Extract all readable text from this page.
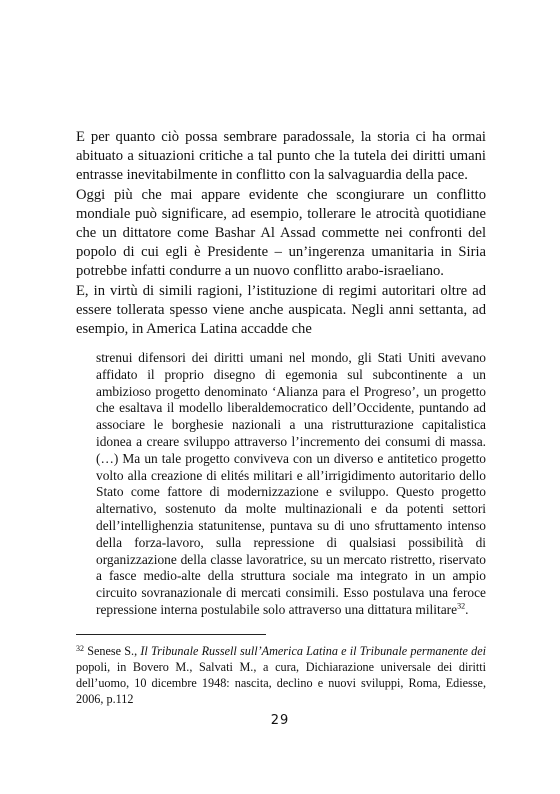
E per quanto ciò possa sembrare paradossale, la storia ci ha ormai abituato a situazioni critiche a tal punto che la tutela dei diritti umani entrasse inevitabilmente in conflitto con la salvaguardia della pace.

Oggi più che mai appare evidente che scongiurare un conflitto mondiale può significare, ad esempio, tollerare le atrocità quotidiane che un dittatore come Bashar Al Assad commette nei confronti del popolo di cui egli è Presidente – un’ingerenza umanitaria in Siria potrebbe infatti condurre a un nuovo conflitto arabo-israeliano.

E, in virtù di simili ragioni, l’istituzione di regimi autoritari oltre ad essere tollerata spesso viene anche auspicata. Negli anni settanta, ad esempio, in America Latina accadde che

strenui difensori dei diritti umani nel mondo, gli Stati Uniti avevano affidato il proprio disegno di egemonia sul subcontinente a un ambizioso progetto denominato ‘Alianza para el Progreso’, un progetto che esaltava il modello liberaldemocratico dell’Occidente, puntando ad associare le borghesie nazionali a una ristrutturazione capitalistica idonea a creare sviluppo attraverso l’incremento dei consumi di massa. (…) Ma un tale progetto conviveva con un diverso e antitetico progetto volto alla creazione di elités militari e all’irrigidimento autoritario dello Stato come fattore di modernizzazione e sviluppo. Questo progetto alternativo, sostenuto da molte multinazionali e da potenti settori dell’intellighenzia statunitense, puntava su di uno sfruttamento intenso della forza-lavoro, sulla repressione di qualsiasi possibilità di organizzazione della classe lavoratrice, su un mercato ristretto, riservato a fasce medio-alte della struttura sociale ma integrato in un ampio circuito sovranazionale di mercati consimili. Esso postulava una feroce repressione interna postulabile solo attraverso una dittatura militare$^{32}$.

$^{32}$ Senese S., Il Tribunale Russell sull’America Latina e il Tribunale permanente dei popoli, in Bovero M., Salvati M., a cura, Dichiarazione universale dei diritti dell’uomo, 10 dicembre 1948: nascita, declino e nuovi sviluppi, Roma, Ediesse, 2006, p.112

29
